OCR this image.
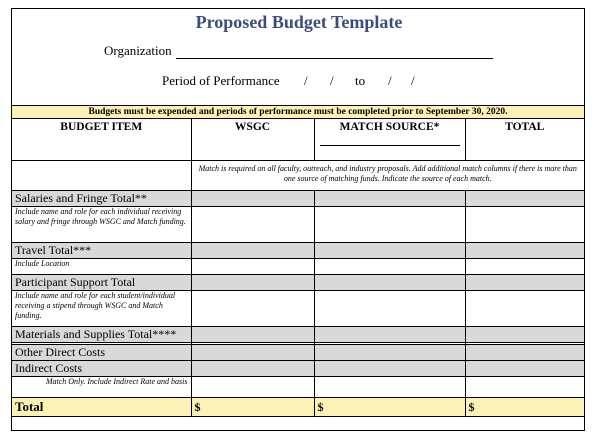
Proposed Budget Template
Organization
Period of Performance / / to / /
Budgets must be expended and periods of performance must be completed prior to September 30, 2020.
BUDGET ITEM	WSGC	MATCH SOURCE*	TOTAL
	Match is required on all faculty, outreach, and industry proposals. Add additional match columns if there is more than one source of matching funds. Indicate the source of each match.		
Salaries and Fringe Total**			
Include name and role for each individual receiving salary and fringe through WSGC and Match funding.			
Travel Total***			
Include Location			
Participant Support Total			
Include name and role for each student/individual receiving a stipend through WSGC and Match funding.			
Materials and Supplies Total****			

Other Direct Costs			
Indirect Costs			
Match Only. Include Indirect Rate and basis			
Total	$	$	$
